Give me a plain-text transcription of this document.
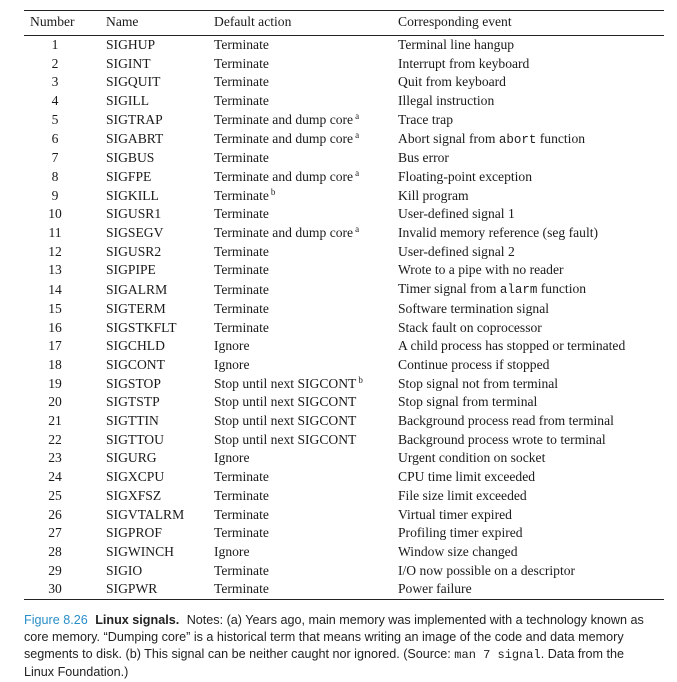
Number	Name	Default action	Corresponding event
1	SIGHUP	Terminate	Terminal line hangup
2	SIGINT	Terminate	Interrupt from keyboard
3	SIGQUIT	Terminate	Quit from keyboard
4	SIGILL	Terminate	Illegal instruction
5	SIGTRAP	Terminate and dump core $^a$	Trace trap
6	SIGABRT	Terminate and dump core $^a$	Abort signal from abort function
7	SIGBUS	Terminate	Bus error
8	SIGFPE	Terminate and dump core $^a$	Floating-point exception
9	SIGKILL	Terminate $^b$	Kill program
10	SIGUSR1	Terminate	User-defined signal 1
11	SIGSEGV	Terminate and dump core $^a$	Invalid memory reference (seg fault)
12	SIGUSR2	Terminate	User-defined signal 2
13	SIGPIPE	Terminate	Wrote to a pipe with no reader
14	SIGALRM	Terminate	Timer signal from alarm function
15	SIGTERM	Terminate	Software termination signal
16	SIGSTKFLT	Terminate	Stack fault on coprocessor
17	SIGCHLD	Ignore	A child process has stopped or terminated
18	SIGCONT	Ignore	Continue process if stopped
19	SIGSTOP	Stop until next SIGCONT $^b$	Stop signal not from terminal
20	SIGTSTP	Stop until next SIGCONT	Stop signal from terminal
21	SIGTTIN	Stop until next SIGCONT	Background process read from terminal
22	SIGTTOU	Stop until next SIGCONT	Background process wrote to terminal
23	SIGURG	Ignore	Urgent condition on socket
24	SIGXCPU	Terminate	CPU time limit exceeded
25	SIGXFSZ	Terminate	File size limit exceeded
26	SIGVTALRM	Terminate	Virtual timer expired
27	SIGPROF	Terminate	Profiling timer expired
28	SIGWINCH	Ignore	Window size changed
29	SIGIO	Terminate	I/O now possible on a descriptor
30	SIGPWR	Terminate	Power failure
Figure 8.26 Linux signals. Notes: (a) Years ago, main memory was implemented with a technology known as core memory. “Dumping core” is a historical term that means writing an image of the code and data memory segments to disk. (b) This signal can be neither caught nor ignored. (Source: man 7 signal. Data from the Linux Foundation.)
